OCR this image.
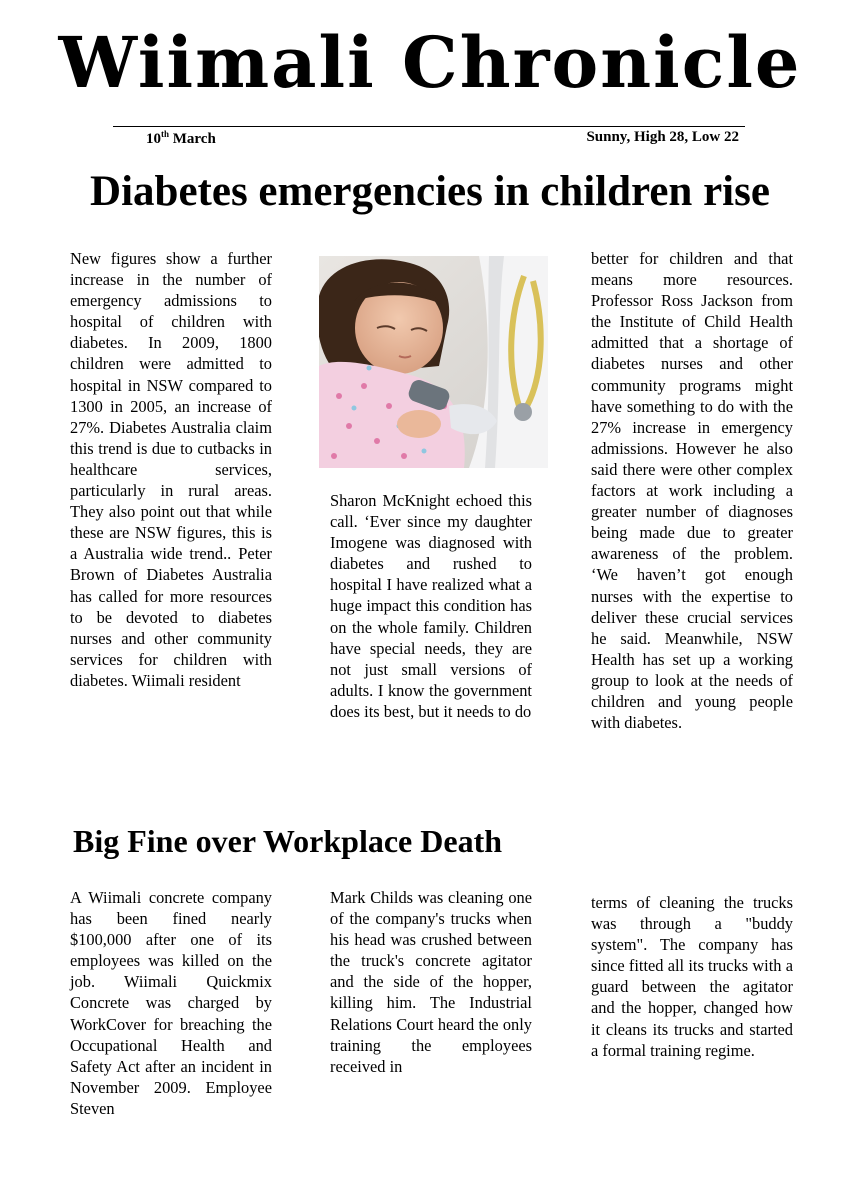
Wiimali Chronicle
10th March	Sunny, High 28, Low 22
Diabetes emergencies in children rise
New figures show a further increase in the number of emergency admissions to hospital of children with diabetes. In 2009, 1800 children were admitted to hospital in NSW compared to 1300 in 2005, an increase of 27%. Diabetes Australia claim this trend is due to cutbacks in healthcare services, particularly in rural areas. They also point out that while these are NSW figures, this is a Australia wide trend.. Peter Brown of Diabetes Australia has called for more resources to be devoted to diabetes nurses and other community services for children with diabetes. Wiimali resident
Sharon McKnight echoed this call. ‘Ever since my daughter Imogene was diagnosed with diabetes and rushed to hospital I have realized what a huge impact this condition has on the whole family. Children have special needs, they are not just small versions of adults. I know the government does its best, but it needs to do
better for children and that means more resources. Professor Ross Jackson from the Institute of Child Health admitted that a shortage of diabetes nurses and other community programs might have something to do with the 27% increase in emergency admissions. However he also said there were other complex factors at work including a greater number of diagnoses being made due to greater awareness of the problem. ‘We haven’t got enough nurses with the expertise to deliver these crucial services he said. Meanwhile, NSW Health has set up a working group to look at the needs of children and young people with diabetes.
Big Fine over Workplace Death
A Wiimali concrete company has been fined nearly $100,000 after one of its employees was killed on the job. Wiimali Quickmix Concrete was charged by WorkCover for breaching the Occupational Health and Safety Act after an incident in November 2009. Employee Steven
Mark Childs was cleaning one of the company's trucks when his head was crushed between the truck's concrete agitator and the side of the hopper, killing him. The Industrial Relations Court heard the only training the employees received in
terms of cleaning the trucks was through a "buddy system". The company has since fitted all its trucks with a guard between the agitator and the hopper, changed how it cleans its trucks and started a formal training regime.
